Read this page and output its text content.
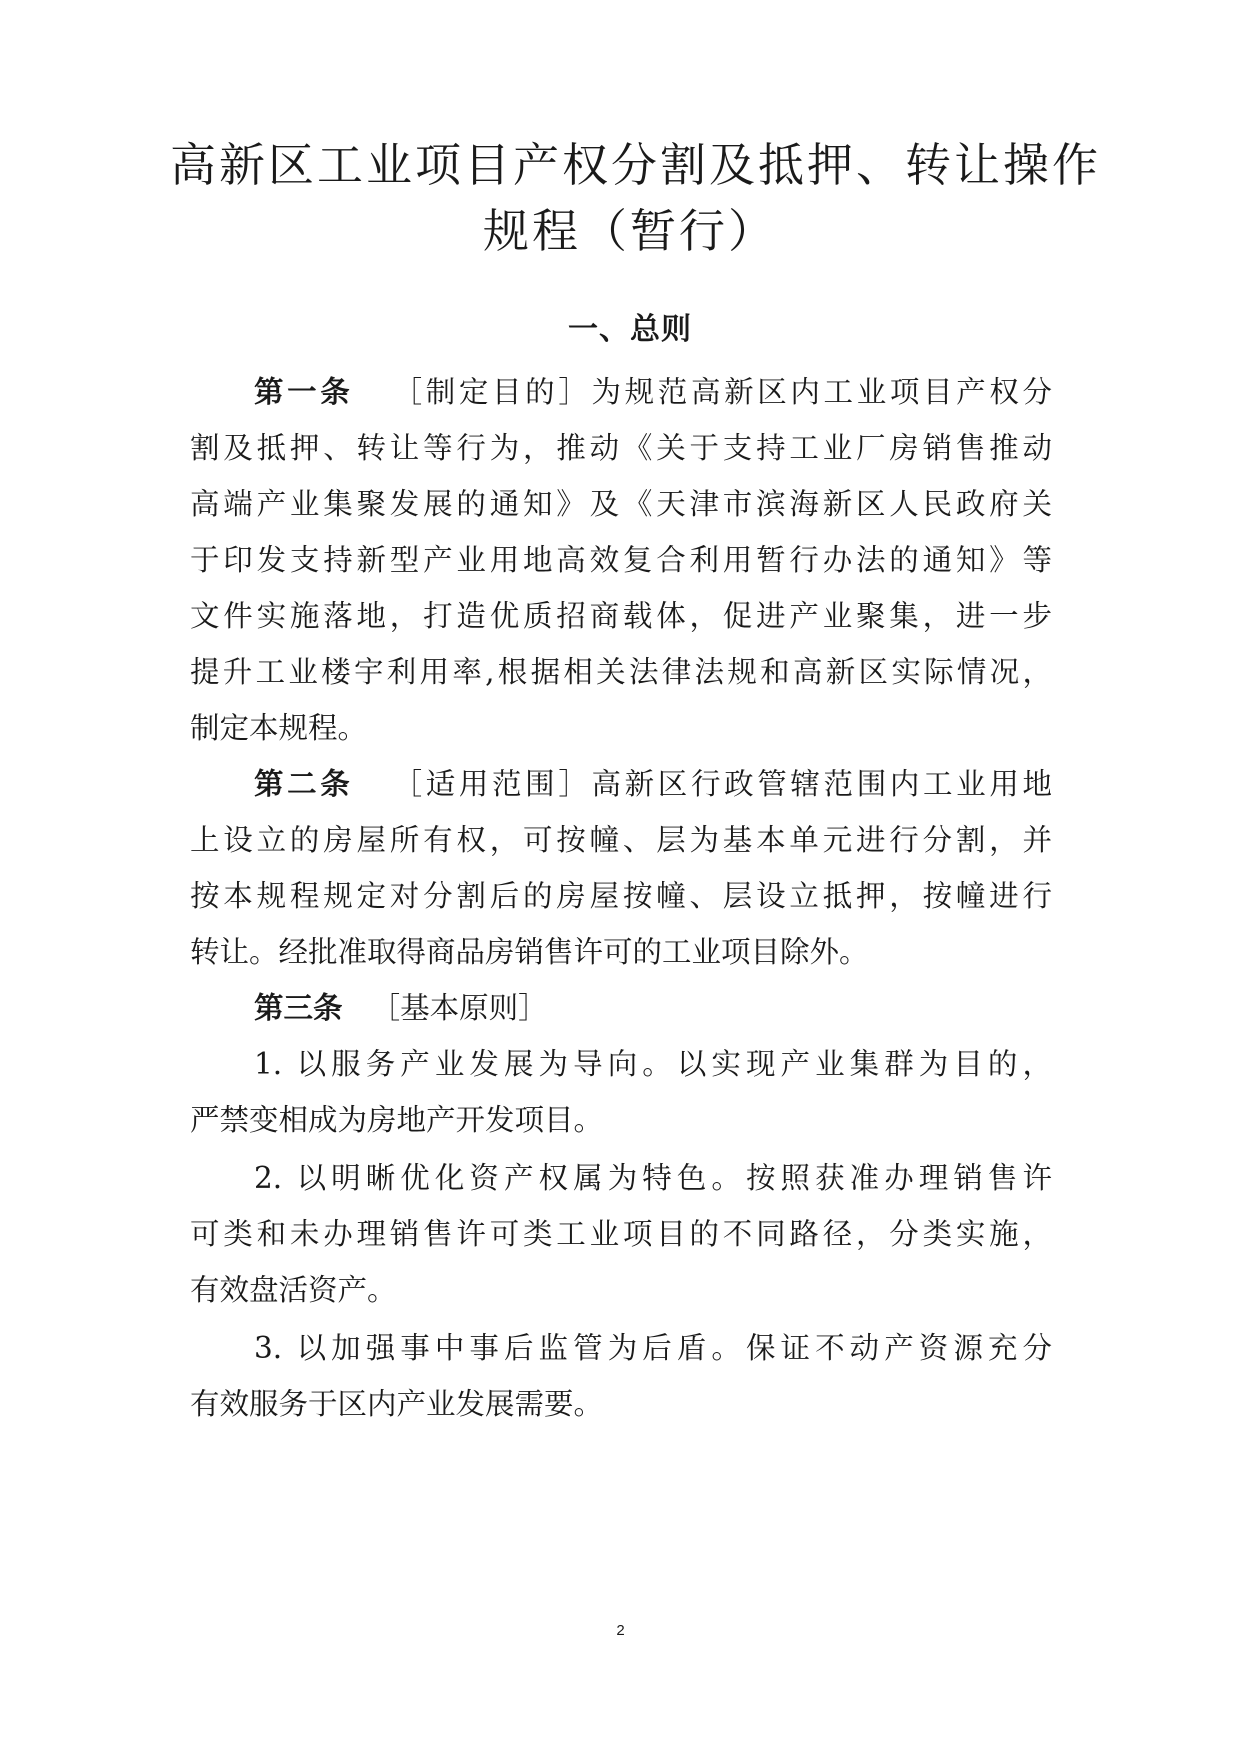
高新区工业项目产权分割及抵押、转让操作
规程（暂行）
一、总则
第一条 ［制定目的］为规范高新区内工业项目产权分
割及抵押、转让等行为，推动《关于支持工业厂房销售推动
高端产业集聚发展的通知》及《天津市滨海新区人民政府关
于印发支持新型产业用地高效复合利用暂行办法的通知》等
文件实施落地，打造优质招商载体，促进产业聚集，进一步
提升工业楼宇利用率,根据相关法律法规和高新区实际情况，
制定本规程。
第二条 ［适用范围］高新区行政管辖范围内工业用地
上设立的房屋所有权，可按幢、层为基本单元进行分割，并
按本规程规定对分割后的房屋按幢、层设立抵押，按幢进行
转让。经批准取得商品房销售许可的工业项目除外。
第三条 ［基本原则］
1. 以服务产业发展为导向。以实现产业集群为目的，
严禁变相成为房地产开发项目。
2. 以明晰优化资产权属为特色。按照获准办理销售许
可类和未办理销售许可类工业项目的不同路径，分类实施，
有效盘活资产。
3. 以加强事中事后监管为后盾。保证不动产资源充分
有效服务于区内产业发展需要。
2
